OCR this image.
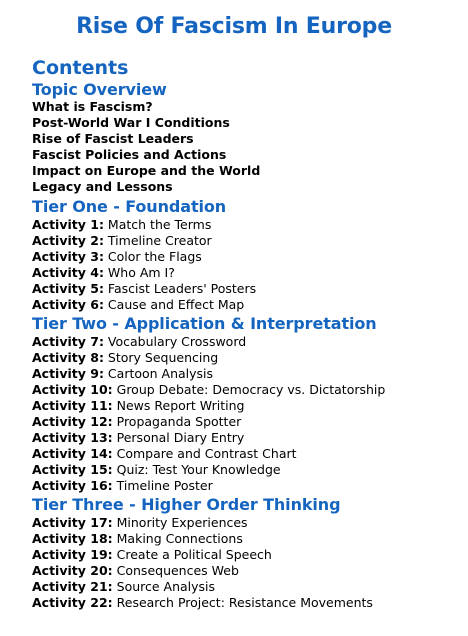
Rise Of Fascism In Europe
Contents
Topic Overview
What is Fascism?
Post-World War I Conditions
Rise of Fascist Leaders
Fascist Policies and Actions
Impact on Europe and the World
Legacy and Lessons
Tier One - Foundation
Activity 1: Match the Terms
Activity 2: Timeline Creator
Activity 3: Color the Flags
Activity 4: Who Am I?
Activity 5: Fascist Leaders' Posters
Activity 6: Cause and Effect Map
Tier Two - Application & Interpretation
Activity 7: Vocabulary Crossword
Activity 8: Story Sequencing
Activity 9: Cartoon Analysis
Activity 10: Group Debate: Democracy vs. Dictatorship
Activity 11: News Report Writing
Activity 12: Propaganda Spotter
Activity 13: Personal Diary Entry
Activity 14: Compare and Contrast Chart
Activity 15: Quiz: Test Your Knowledge
Activity 16: Timeline Poster
Tier Three - Higher Order Thinking
Activity 17: Minority Experiences
Activity 18: Making Connections
Activity 19: Create a Political Speech
Activity 20: Consequences Web
Activity 21: Source Analysis
Activity 22: Research Project: Resistance Movements
